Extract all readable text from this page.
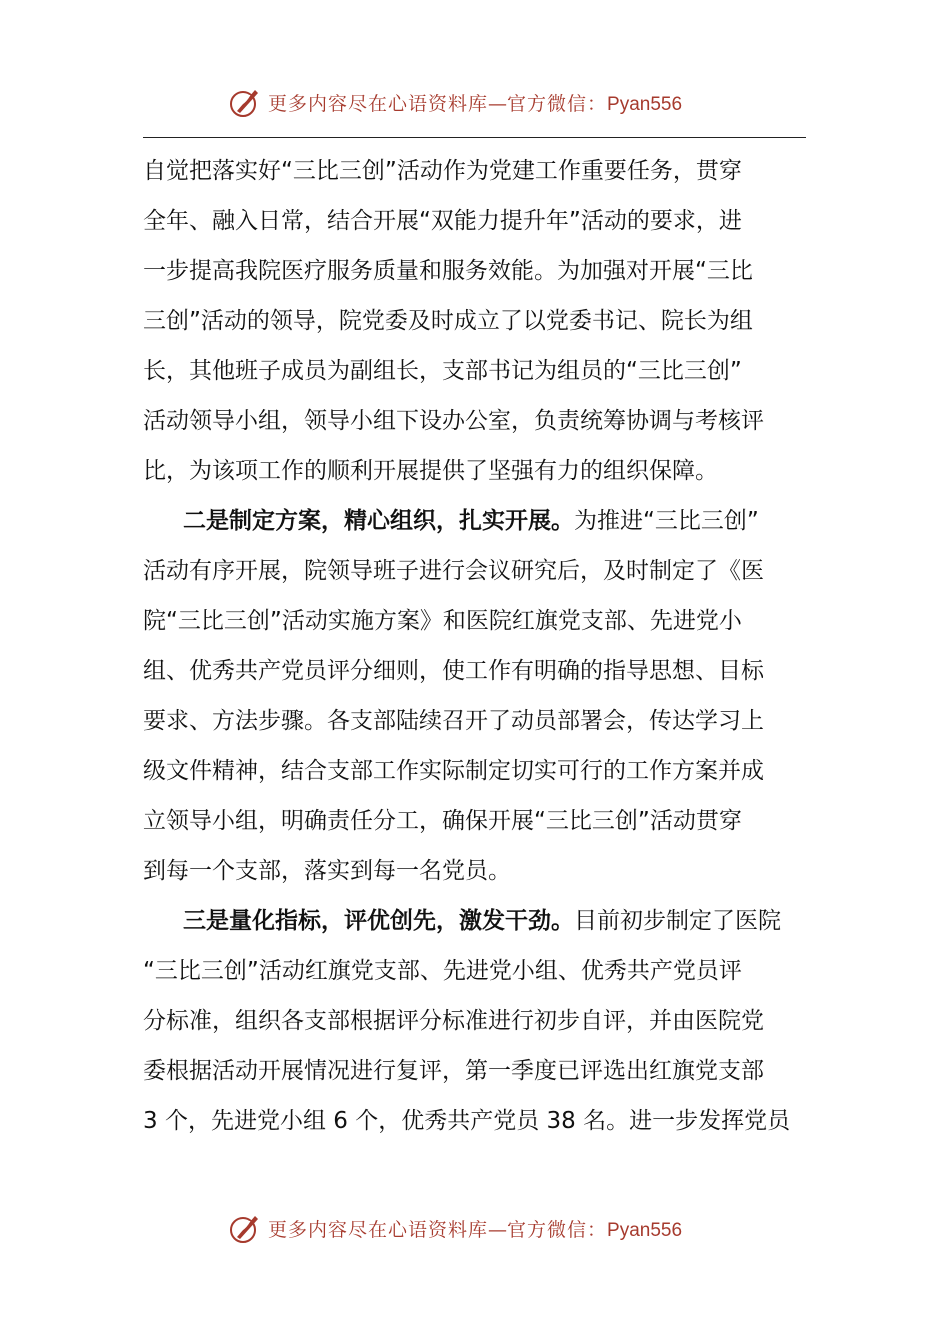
更多内容尽在心语资料库—官方微信：Pyan556
自觉把落实好“三比三创”活动作为党建工作重要任务，贯穿
全年、融入日常，结合开展“双能力提升年”活动的要求，进
一步提高我院医疗服务质量和服务效能。为加强对开展“三比
三创”活动的领导，院党委及时成立了以党委书记、院长为组
长，其他班子成员为副组长，支部书记为组员的“三比三创”
活动领导小组，领导小组下设办公室，负责统筹协调与考核评
比，为该项工作的顺利开展提供了坚强有力的组织保障。
二是制定方案，精心组织，扎实开展。为推进“三比三创”
活动有序开展，院领导班子进行会议研究后，及时制定了《医
院“三比三创”活动实施方案》和医院红旗党支部、先进党小
组、优秀共产党员评分细则，使工作有明确的指导思想、目标
要求、方法步骤。各支部陆续召开了动员部署会，传达学习上
级文件精神，结合支部工作实际制定切实可行的工作方案并成
立领导小组，明确责任分工，确保开展“三比三创”活动贯穿
到每一个支部，落实到每一名党员。
三是量化指标，评优创先，激发干劲。目前初步制定了医院
“三比三创”活动红旗党支部、先进党小组、优秀共产党员评
分标准，组织各支部根据评分标准进行初步自评，并由医院党
委根据活动开展情况进行复评，第一季度已评选出红旗党支部
3 个，先进党小组 6 个，优秀共产党员 38 名。进一步发挥党员
更多内容尽在心语资料库—官方微信：Pyan556
